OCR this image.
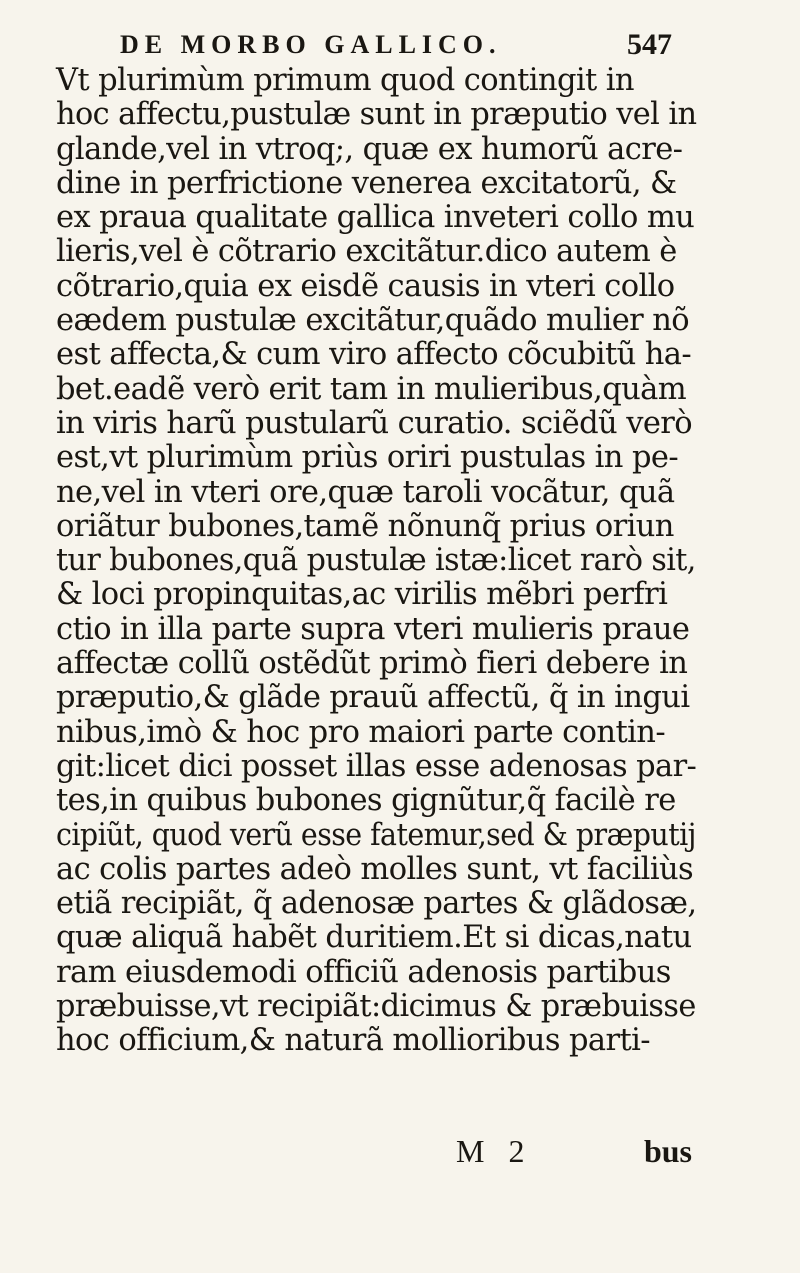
DE MORBO GALLICO.	547
Vt plurimùm primum quod contingit in
hoc affectu,pustulæ sunt in præputio vel in
glande,vel in vtroq;, quæ ex humorũ acre-
dine in perfrictione venerea excitatorũ, &
ex praua qualitate gallica inveteri collo mu
lieris,vel è cõtrario excitãtur.dico autem è
cõtrario,quia ex eisdẽ causis in vteri collo
eædem pustulæ excitãtur,quãdo mulier nõ
est affecta,& cum viro affecto cõcubitũ ha-
bet.eadẽ verò erit tam in mulieribus,quàm
in viris harũ pustularũ curatio. sciẽdũ verò
est,vt plurimùm priùs oriri pustulas in pe-
ne,vel in vteri ore,quæ taroli vocãtur, quã
oriãtur bubones,tamẽ nõnunq̃ prius oriun
tur bubones,quã pustulæ istæ:licet rarò sit,
& loci propinquitas,ac virilis mẽbri perfri
ctio in illa parte supra vteri mulieris praue
affectæ collũ ostẽdũt primò fieri debere in
præputio,& glãde prauũ affectũ, q̃ in ingui
nibus,imò & hoc pro maiori parte contin-
git:licet dici posset illas esse adenosas par-
tes,in quibus bubones gignũtur,q̃ facilè re
cipiũt, quod verũ esse fatemur,sed & præputij
ac colis partes adeò molles sunt, vt faciliùs
etiã recipiãt, q̃ adenosæ partes & glãdosæ,
quæ aliquã habẽt duritiem.Et si dicas,natu
ram eiusdemodi officiũ adenosis partibus
præbuisse,vt recipiãt:dicimus & præbuisse
hoc officium,& naturã mollioribus parti-
M 2	bus
